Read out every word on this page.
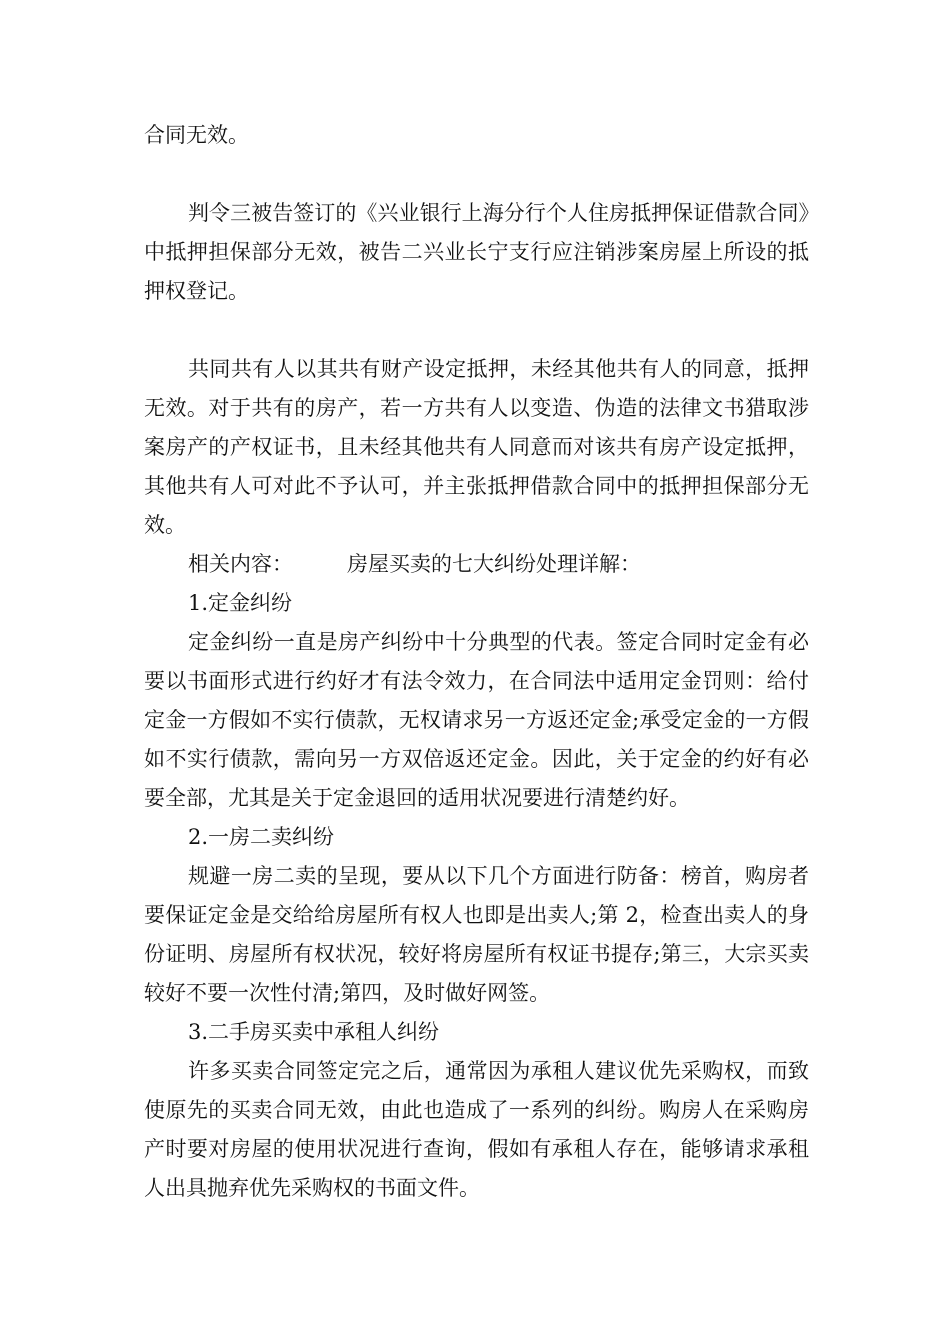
合同无效。

判令三被告签订的《兴业银行上海分行个人住房抵押保证借款合同》中抵押担保部分无效，被告二兴业长宁支行应注销涉案房屋上所设的抵押权登记。

共同共有人以其共有财产设定抵押，未经其他共有人的同意，抵押无效。对于共有的房产，若一方共有人以变造、伪造的法律文书猎取涉案房产的产权证书，且未经其他共有人同意而对该共有房产设定抵押，其他共有人可对此不予认可，并主张抵押借款合同中的抵押担保部分无效。

相关内容：	房屋买卖的七大纠纷处理详解：

1.定金纠纷

定金纠纷一直是房产纠纷中十分典型的代表。签定合同时定金有必要以书面形式进行约好才有法令效力，在合同法中适用定金罚则：给付定金一方假如不实行债款，无权请求另一方返还定金;承受定金的一方假如不实行债款，需向另一方双倍返还定金。因此，关于定金的约好有必要全部，尤其是关于定金退回的适用状况要进行清楚约好。

2.一房二卖纠纷

规避一房二卖的呈现，要从以下几个方面进行防备：榜首，购房者要保证定金是交给给房屋所有权人也即是出卖人;第 2，检查出卖人的身份证明、房屋所有权状况，较好将房屋所有权证书提存;第三，大宗买卖较好不要一次性付清;第四，及时做好网签。

3.二手房买卖中承租人纠纷

许多买卖合同签定完之后，通常因为承租人建议优先采购权，而致使原先的买卖合同无效，由此也造成了一系列的纠纷。购房人在采购房产时要对房屋的使用状况进行查询，假如有承租人存在，能够请求承租人出具抛弃优先采购权的书面文件。
